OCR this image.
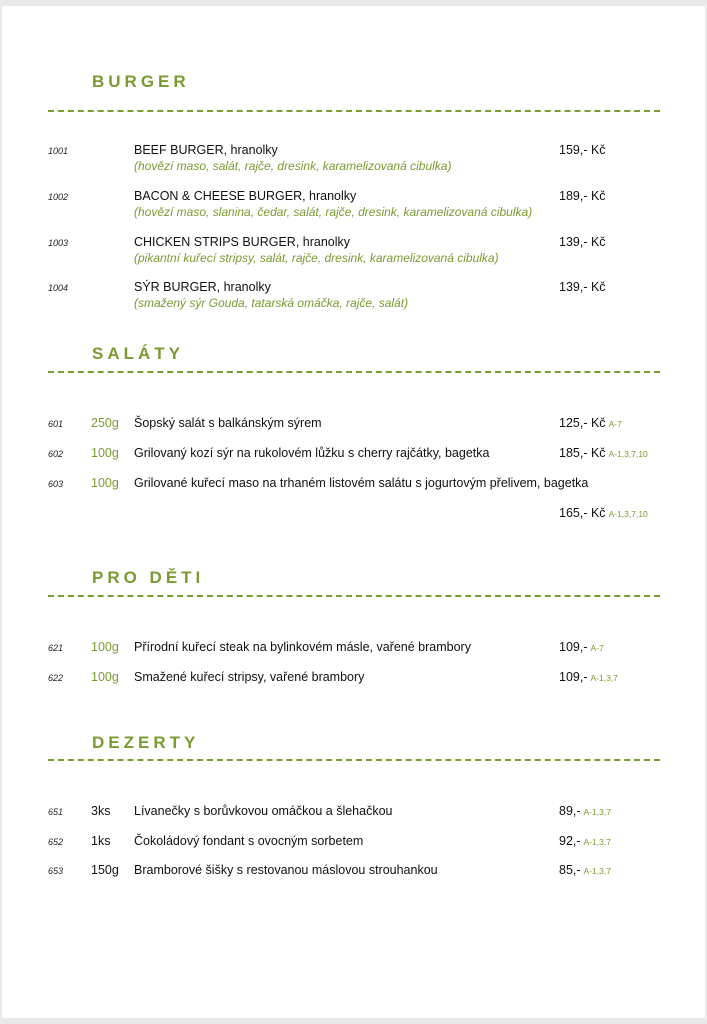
BURGER
1001	BEEF BURGER, hranolky
(hovězí maso, salát, rajče, dresink, karamelizovaná cibulka)
159,- Kč
1002	BACON & CHEESE BURGER, hranolky
(hovězí maso, slanina, čedar, salát, rajče, dresink, karamelizovaná cibulka)
189,- Kč
1003	CHICKEN STRIPS BURGER, hranolky
(pikantní kuřecí stripsy, salát, rajče, dresink, karamelizovaná cibulka)
139,- Kč
1004	SÝR BURGER, hranolky
(smažený sýr Gouda, tatarská omáčka, rajče, salát)
139,- Kč
SALÁTY
601 250g Šopský salát s balkánským sýrem	125,- Kč A-7
602 100g Grilovaný kozí sýr na rukolovém lůžku s cherry rajčátky, bagetka	185,- Kč A-1,3,7,10
603 100g Grilované kuřecí maso na trhaném listovém salátu s jogurtovým přelivem, bagetka
165,- Kč A-1,3,7,10
PRO DĚTI
621 100g Přírodní kuřecí steak na bylinkovém másle, vařené brambory	109,- A-7
622 100g Smažené kuřecí stripsy, vařené brambory	109,- A-1,3,7
DEZERTY
651 3ks Lívanečky s borůvkovou omáčkou a šlehačkou	89,- A-1,3,7
652 1ks Čokoládový fondant s ovocným sorbetem	92,- A-1,3,7
653 150g Bramborové šišky s restovanou máslovou strouhankou	85,- A-1,3,7
